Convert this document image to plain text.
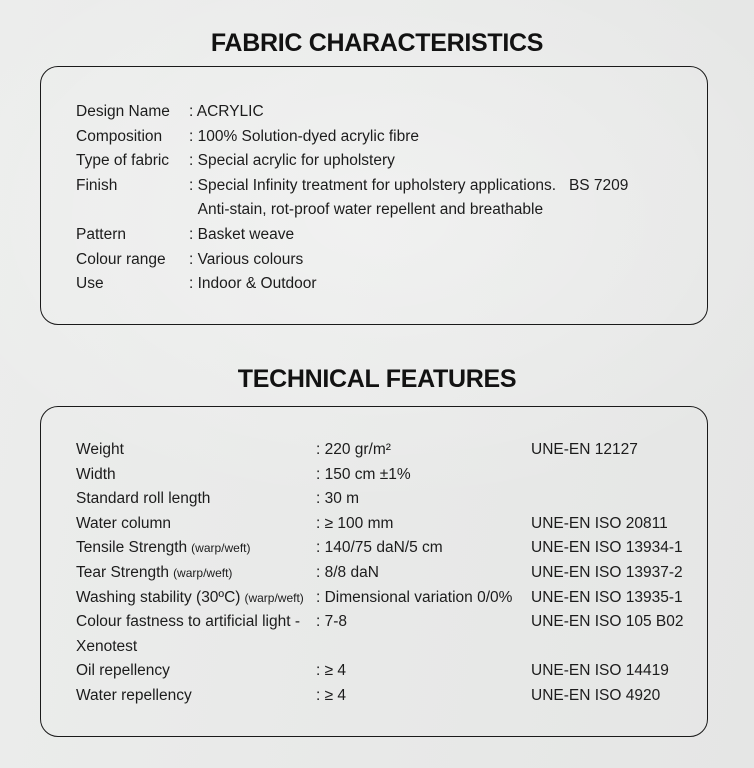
FABRIC CHARACTERISTICS
Design Name	: ACRYLIC
Composition	: 100% Solution-dyed acrylic fibre
Type of fabric	: Special acrylic for upholstery
Finish	: Special Infinity treatment for upholstery applications.   BS 7209
Anti-stain, rot-proof water repellent and breathable
Pattern	: Basket weave
Colour range	: Various colours
Use	: Indoor & Outdoor
TECHNICAL FEATURES
Weight	: 220 gr/m²	UNE-EN 12127
Width	: 150 cm ±1%
Standard roll length	: 30 m
Water column	: ≥ 100 mm	UNE-EN ISO 20811
Tensile Strength (warp/weft)	: 140/75 daN/5 cm	UNE-EN ISO 13934-1
Tear Strength (warp/weft)	: 8/8 daN	UNE-EN ISO 13937-2
Washing stability (30ºC) (warp/weft) : Dimensional variation 0/0%	UNE-EN ISO 13935-1
Colour fastness to artificial light -	: 7-8	UNE-EN ISO 105 B02
Xenotest
Oil repellency	: ≥ 4	UNE-EN ISO 14419
Water repellency	: ≥ 4	UNE-EN ISO 4920
